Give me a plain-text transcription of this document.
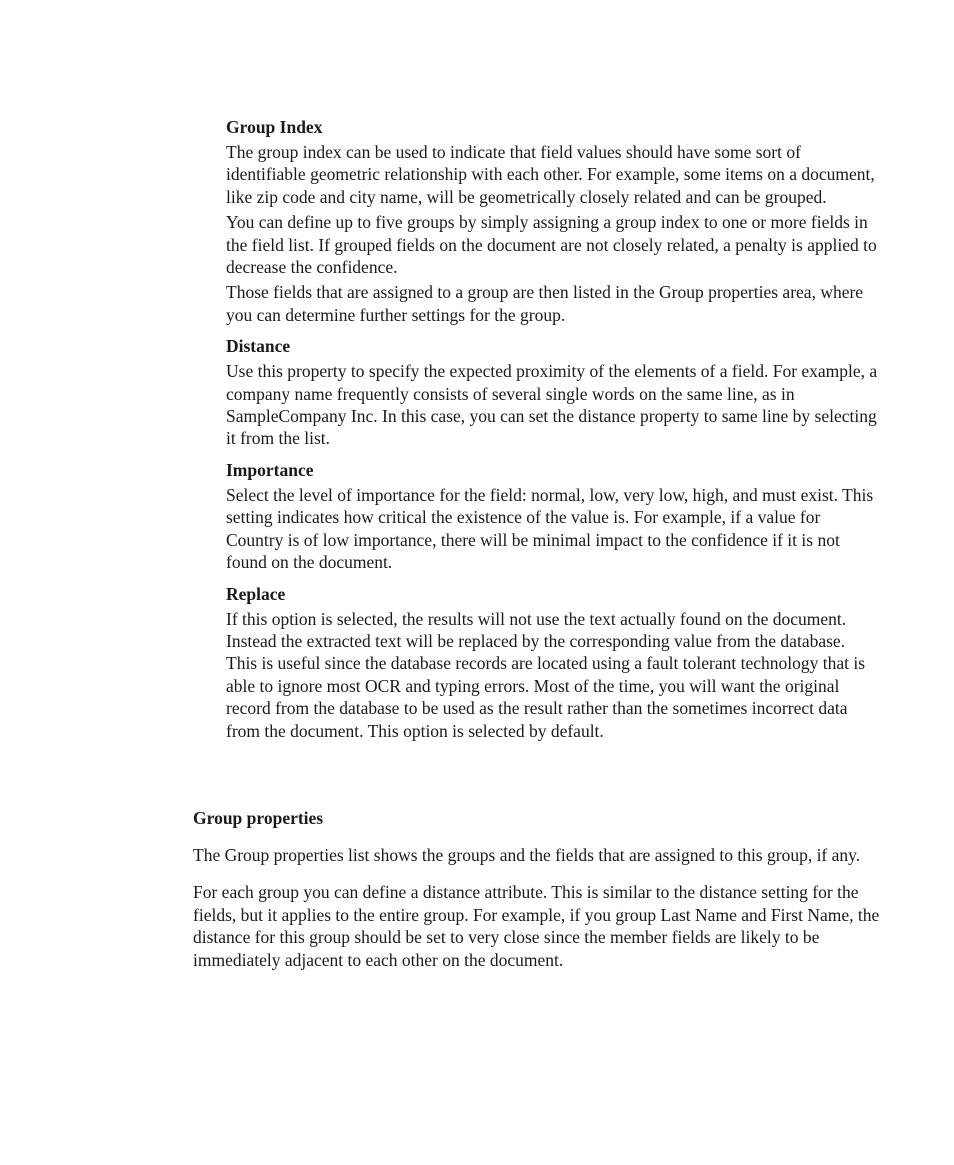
Group Index

The group index can be used to indicate that field values should have some sort of identifiable geometric relationship with each other. For example, some items on a document, like zip code and city name, will be geometrically closely related and can be grouped.

You can define up to five groups by simply assigning a group index to one or more fields in the field list. If grouped fields on the document are not closely related, a penalty is applied to decrease the confidence.

Those fields that are assigned to a group are then listed in the Group properties area, where you can determine further settings for the group.

Distance

Use this property to specify the expected proximity of the elements of a field. For example, a company name frequently consists of several single words on the same line, as in SampleCompany Inc. In this case, you can set the distance property to same line by selecting it from the list.

Importance

Select the level of importance for the field: normal, low, very low, high, and must exist. This setting indicates how critical the existence of the value is. For example, if a value for Country is of low importance, there will be minimal impact to the confidence if it is not found on the document.

Replace

If this option is selected, the results will not use the text actually found on the document. Instead the extracted text will be replaced by the corresponding value from the database. This is useful since the database records are located using a fault tolerant technology that is able to ignore most OCR and typing errors. Most of the time, you will want the original record from the database to be used as the result rather than the sometimes incorrect data from the document. This option is selected by default.

Group properties

The Group properties list shows the groups and the fields that are assigned to this group, if any.

For each group you can define a distance attribute. This is similar to the distance setting for the fields, but it applies to the entire group. For example, if you group Last Name and First Name, the distance for this group should be set to very close since the member fields are likely to be immediately adjacent to each other on the document.
